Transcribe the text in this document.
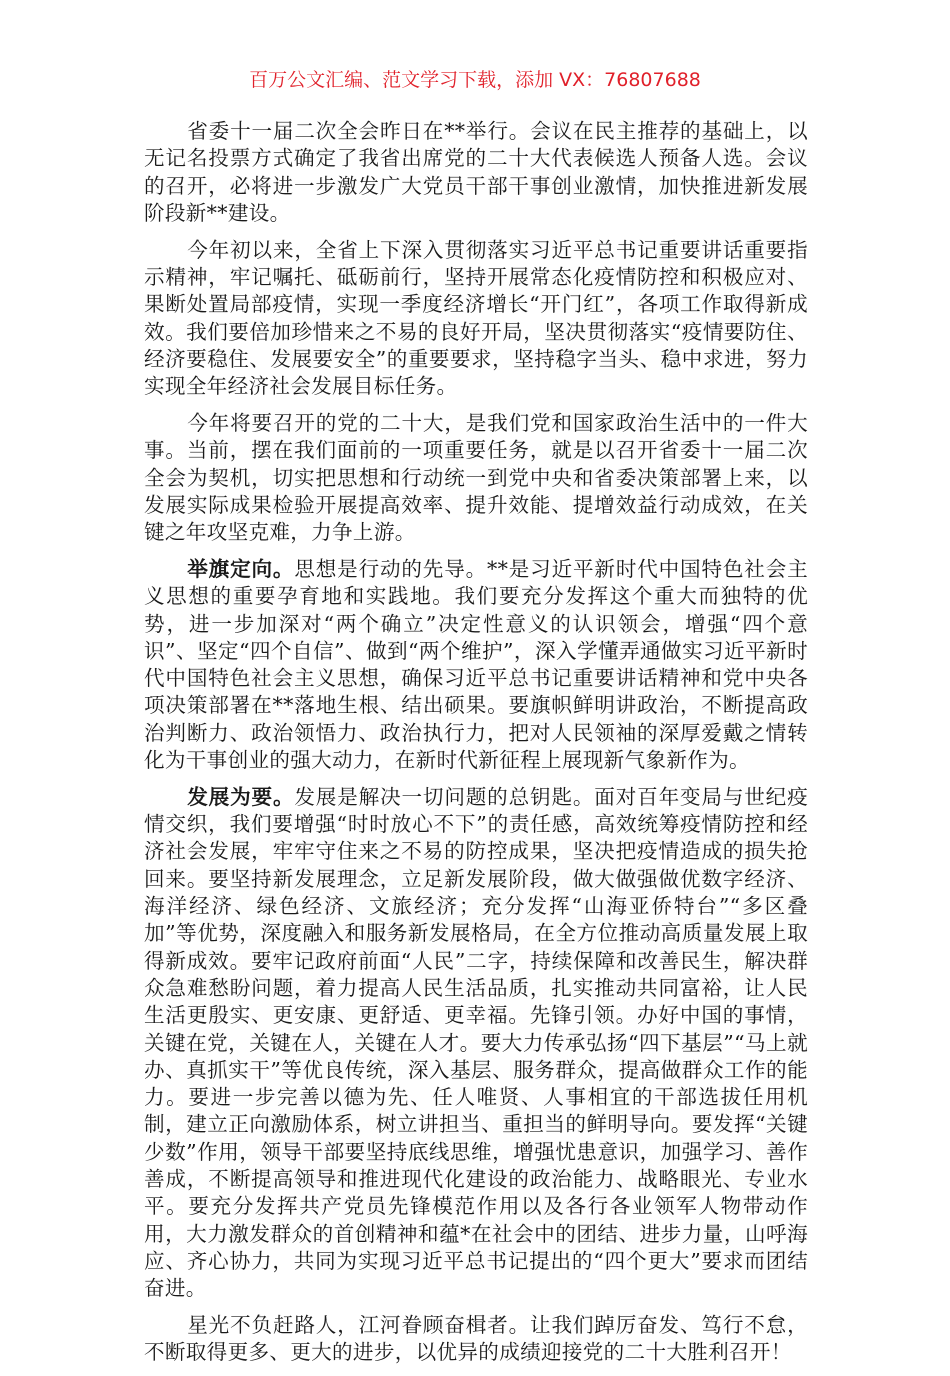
百万公文汇编、范文学习下载，添加 VX：76807688

省委十一届二次全会昨日在**举行。会议在民主推荐的基础上，以无记名投票方式确定了我省出席党的二十大代表候选人预备人选。会议的召开，必将进一步激发广大党员干部干事创业激情，加快推进新发展阶段新**建设。

今年初以来，全省上下深入贯彻落实习近平总书记重要讲话重要指示精神，牢记嘱托、砥砺前行，坚持开展常态化疫情防控和积极应对、果断处置局部疫情，实现一季度经济增长“开门红”，各项工作取得新成效。我们要倍加珍惜来之不易的良好开局，坚决贯彻落实“疫情要防住、经济要稳住、发展要安全”的重要要求，坚持稳字当头、稳中求进，努力实现全年经济社会发展目标任务。

今年将要召开的党的二十大，是我们党和国家政治生活中的一件大事。当前，摆在我们面前的一项重要任务，就是以召开省委十一届二次全会为契机，切实把思想和行动统一到党中央和省委决策部署上来，以发展实际成果检验开展提高效率、提升效能、提增效益行动成效，在关键之年攻坚克难，力争上游。

举旗定向。思想是行动的先导。**是习近平新时代中国特色社会主义思想的重要孕育地和实践地。我们要充分发挥这个重大而独特的优势，进一步加深对“两个确立”决定性意义的认识领会，增强“四个意识”、坚定“四个自信”、做到“两个维护”，深入学懂弄通做实习近平新时代中国特色社会主义思想，确保习近平总书记重要讲话精神和党中央各项决策部署在**落地生根、结出硕果。要旗帜鲜明讲政治，不断提高政治判断力、政治领悟力、政治执行力，把对人民领袖的深厚爱戴之情转化为干事创业的强大动力，在新时代新征程上展现新气象新作为。

发展为要。发展是解决一切问题的总钥匙。面对百年变局与世纪疫情交织，我们要增强“时时放心不下”的责任感，高效统筹疫情防控和经济社会发展，牢牢守住来之不易的防控成果，坚决把疫情造成的损失抢回来。要坚持新发展理念，立足新发展阶段，做大做强做优数字经济、海洋经济、绿色经济、文旅经济；充分发挥“山海亚侨特台”“多区叠加”等优势，深度融入和服务新发展格局，在全方位推动高质量发展上取得新成效。要牢记政府前面“人民”二字，持续保障和改善民生，解决群众急难愁盼问题，着力提高人民生活品质，扎实推动共同富裕，让人民生活更殷实、更安康、更舒适、更幸福。先锋引领。办好中国的事情，关键在党，关键在人，关键在人才。要大力传承弘扬“四下基层”“马上就办、真抓实干”等优良传统，深入基层、服务群众，提高做群众工作的能力。要进一步完善以德为先、任人唯贤、人事相宜的干部选拔任用机制，建立正向激励体系，树立讲担当、重担当的鲜明导向。要发挥“关键少数”作用，领导干部要坚持底线思维，增强忧患意识，加强学习、善作善成，不断提高领导和推进现代化建设的政治能力、战略眼光、专业水平。要充分发挥共产党员先锋模范作用以及各行各业领军人物带动作用，大力激发群众的首创精神和蕴*在社会中的团结、进步力量，山呼海应、齐心协力，共同为实现习近平总书记提出的“四个更大”要求而团结奋进。

星光不负赶路人，江河眷顾奋楫者。让我们踔厉奋发、笃行不怠，不断取得更多、更大的进步，以优异的成绩迎接党的二十大胜利召开！
